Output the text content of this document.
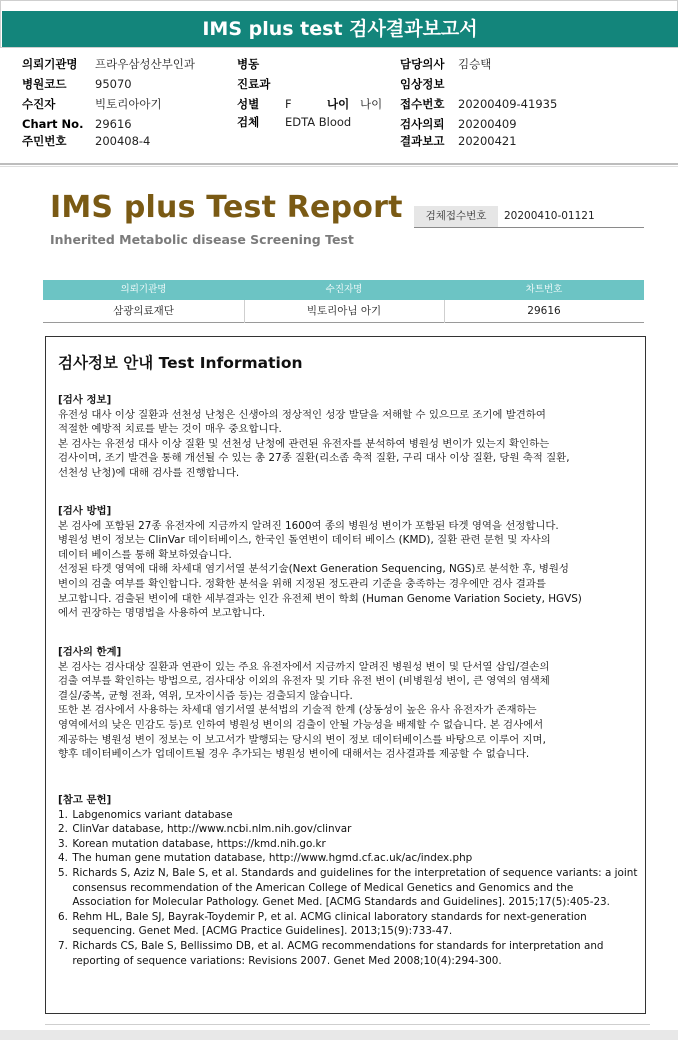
IMS plus test 검사결과보고서
의뢰기관명 프라우삼성산부인과
병원코드 95070
수진자	빅토리아아기
Chart No. 29616
주민번호 200408-4
병동
진료과
성별 F	나이 나이
검체 EDTA Blood
담당의사 김승택
임상정보
접수번호 20200409-41935
검사의뢰 20200409
결과보고 20200421
IMS plus Test Report
Inherited Metabolic disease Screening Test
검체접수번호	20200410-01121
의뢰기관명	수진자명	차트번호
삼광의료재단	빅토리아님 아기	29616
검사정보 안내 Test Information
[검사 정보]
유전성 대사 이상 질환과 선천성 난청은 신생아의 정상적인 성장 발달을 저해할 수 있으므로 조기에 발견하여
적절한 예방적 치료를 받는 것이 매우 중요합니다.
본 검사는 유전성 대사 이상 질환 및 선천성 난청에 관련된 유전자를 분석하여 병원성 변이가 있는지 확인하는
검사이며, 조기 발견을 통해 개선될 수 있는 총 27종 질환(리소좀 축적 질환, 구리 대사 이상 질환, 당원 축적 질환,
선천성 난청)에 대해 검사를 진행합니다.
[검사 방법]
본 검사에 포함된 27종 유전자에 지금까지 알려진 1600여 종의 병원성 변이가 포함된 타겟 영역을 선정합니다.
병원성 변이 정보는 ClinVar 데이터베이스, 한국인 돌연변이 데이터 베이스 (KMD), 질환 관련 문헌 및 자사의
데이터 베이스를 통해 확보하였습니다.
선정된 타겟 영역에 대해 차세대 염기서열 분석기술(Next Generation Sequencing, NGS)로 분석한 후, 병원성
변이의 검출 여부를 확인합니다. 정확한 분석을 위해 지정된 정도관리 기준을 충족하는 경우에만 검사 결과를
보고합니다. 검출된 변이에 대한 세부결과는 인간 유전체 변이 학회 (Human Genome Variation Society, HGVS)
에서 권장하는 명명법을 사용하여 보고합니다.
[검사의 한계]
본 검사는 검사대상 질환과 연관이 있는 주요 유전자에서 지금까지 알려진 병원성 변이 및 단서열 삽입/결손의
검출 여부를 확인하는 방법으로, 검사대상 이외의 유전자 및 기타 유전 변이 (비병원성 변이, 큰 영역의 염색체
결실/중복, 균형 전좌, 역위, 모자이시즘 등)는 검출되지 않습니다.
또한 본 검사에서 사용하는 차세대 염기서열 분석법의 기술적 한계 (상동성이 높은 유사 유전자가 존재하는
영역에서의 낮은 민감도 등)로 인하여 병원성 변이의 검출이 안될 가능성을 배제할 수 없습니다. 본 검사에서
제공하는 병원성 변이 정보는 이 보고서가 발행되는 당시의 변이 정보 데이터베이스를 바탕으로 이루어 지며,
향후 데이터베이스가 업데이트될 경우 추가되는 병원성 변이에 대해서는 검사결과를 제공할 수 없습니다.
[참고 문헌]
1. Labgenomics variant database
2. ClinVar database, http://www.ncbi.nlm.nih.gov/clinvar
3. Korean mutation database, https://kmd.nih.go.kr
4. The human gene mutation database, http://www.hgmd.cf.ac.uk/ac/index.php
5. Richards S, Aziz N, Bale S, et al. Standards and guidelines for the interpretation of sequence variants: a joint
consensus recommendation of the American College of Medical Genetics and Genomics and the
Association for Molecular Pathology. Genet Med. [ACMG Standards and Guidelines]. 2015;17(5):405-23.
6. Rehm HL, Bale SJ, Bayrak-Toydemir P, et al. ACMG clinical laboratory standards for next-generation
sequencing. Genet Med. [ACMG Practice Guidelines]. 2013;15(9):733-47.
7. Richards CS, Bale S, Bellissimo DB, et al. ACMG recommendations for standards for interpretation and
reporting of sequence variations: Revisions 2007. Genet Med 2008;10(4):294-300.
